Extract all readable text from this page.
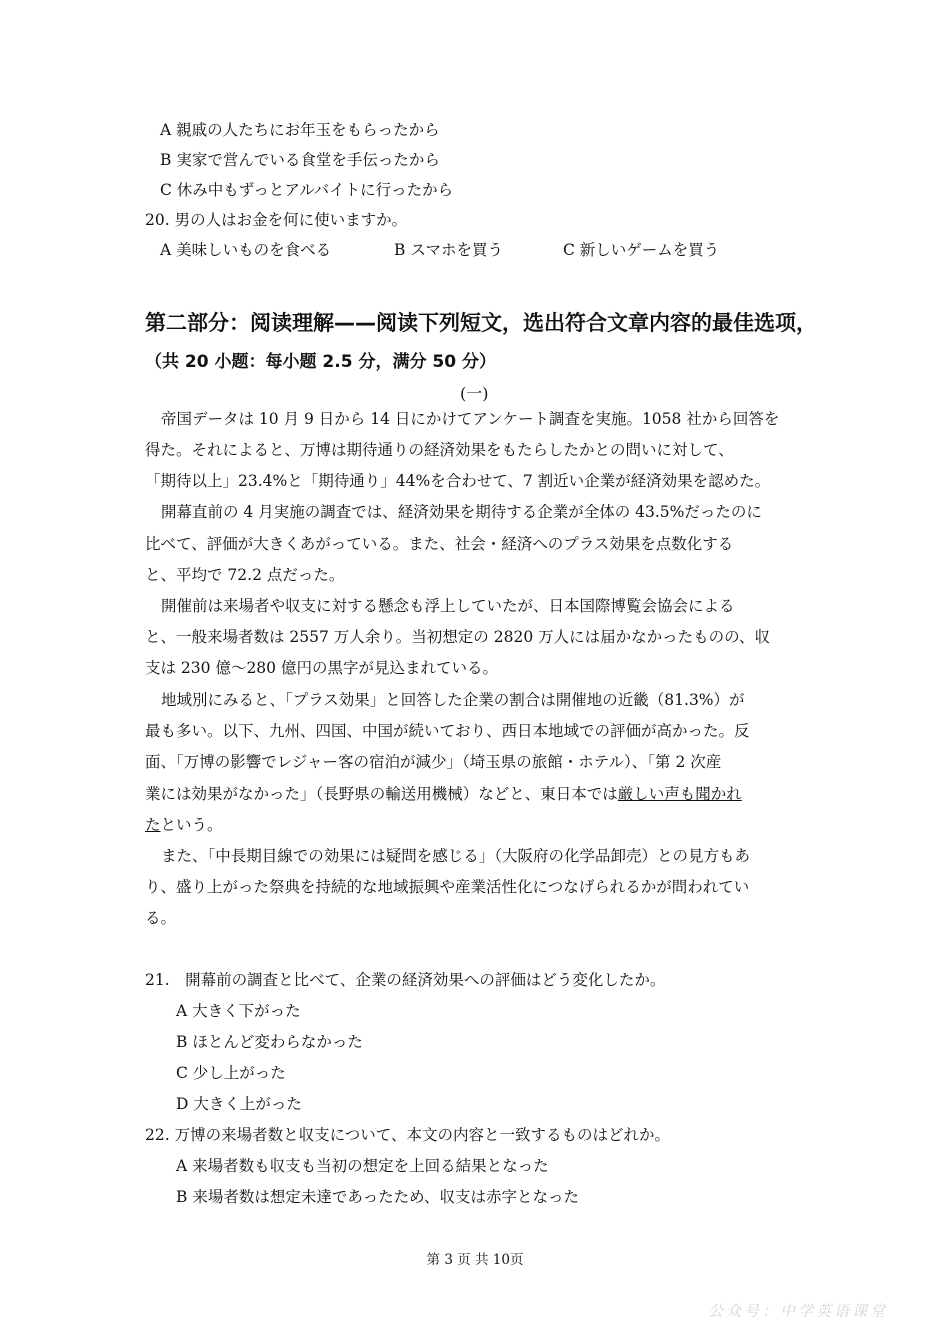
A 親戚の人たちにお年玉をもらったから
B 実家で営んでいる食堂を手伝ったから
C 休み中もずっとアルバイトに行ったから
20. 男の人はお金を何に使いますか。
A 美味しいものを食べる	B スマホを買う	C 新しいゲームを買う
第二部分：阅读理解——阅读下列短文，选出符合文章内容的最佳选项，
（共 20 小题：每小题 2.5 分，满分 50 分）
(一)
帝国データは 10 月 9 日から 14 日にかけてアンケート調査を実施。1058 社から回答を
得た。それによると、万博は期待通りの経済効果をもたらしたかとの問いに対して、
「期待以上」23.4%と「期待通り」44%を合わせて、7 割近い企業が経済効果を認めた。
開幕直前の 4 月実施の調査では、経済効果を期待する企業が全体の 43.5%だったのに
比べて、評価が大きくあがっている。また、社会・経済へのプラス効果を点数化する
と、平均で 72.2 点だった。
開催前は来場者や収支に対する懸念も浮上していたが、日本国際博覧会協会による
と、一般来場者数は 2557 万人余り。当初想定の 2820 万人には届かなかったものの、収
支は 230 億～280 億円の黒字が見込まれている。
地域別にみると、「プラス効果」と回答した企業の割合は開催地の近畿（81.3%）が
最も多い。以下、九州、四国、中国が続いており、西日本地域での評価が高かった。反
面、「万博の影響でレジャー客の宿泊が減少」（埼玉県の旅館・ホテル）、「第 2 次産
業には効果がなかった」（長野県の輸送用機械）などと、東日本では厳しい声も聞かれ
たという。
また、「中長期目線での効果には疑問を感じる」（大阪府の化学品卸売）との見方もあ
り、盛り上がった祭典を持続的な地域振興や産業活性化につなげられるかが問われてい
る。
21.　開幕前の調査と比べて、企業の経済効果への評価はどう変化したか。
A 大きく下がった
B ほとんど変わらなかった
C 少し上がった
D 大きく上がった
22. 万博の来場者数と収支について、本文の内容と一致するものはどれか。
A 来場者数も収支も当初の想定を上回る結果となった
B 来場者数は想定未達であったため、収支は赤字となった
第 3 页 共 10页
公众号：中学英语课堂
